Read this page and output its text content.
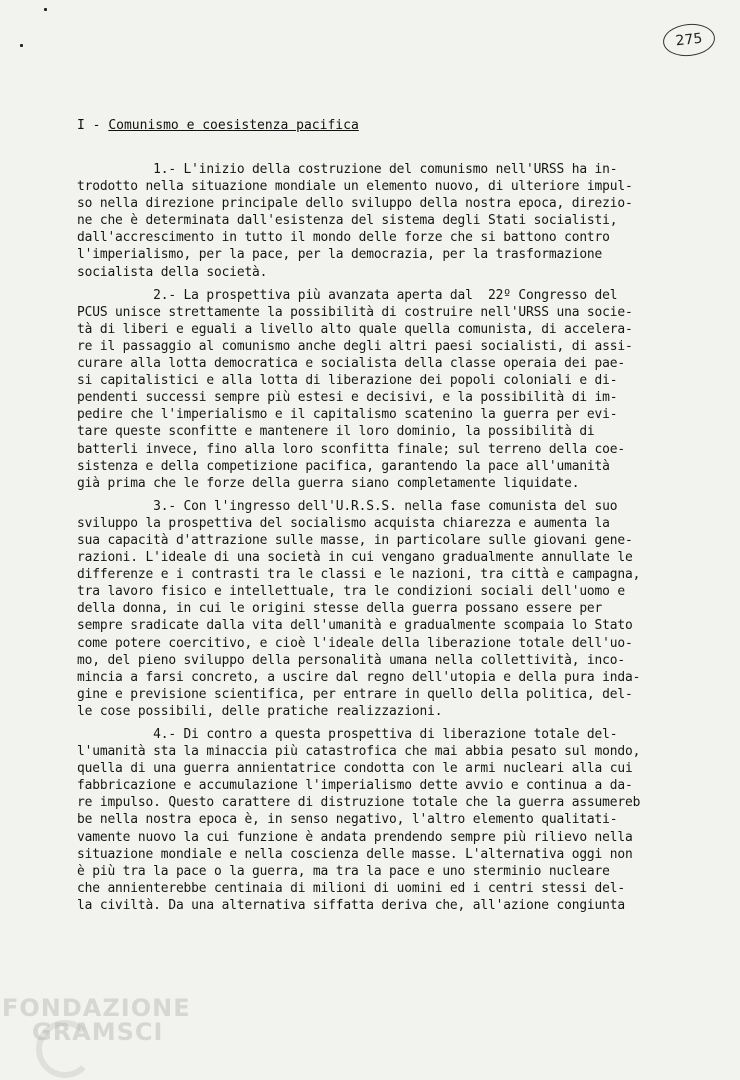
275
I - Comunismo e coesistenza pacifica
1.- L'inizio della costruzione del comunismo nell'URSS ha in-
trodotto nella situazione mondiale un elemento nuovo, di ulteriore impul-
so nella direzione principale dello sviluppo della nostra epoca, direzio-
ne che è determinata dall'esistenza del sistema degli Stati socialisti,
dall'accrescimento in tutto il mondo delle forze che si battono contro
l'imperialismo, per la pace, per la democrazia, per la trasformazione
socialista della società.
2.- La prospettiva più avanzata aperta dal  22º Congresso del
PCUS unisce strettamente la possibilità di costruire nell'URSS una socie-
tà di liberi e eguali a livello alto quale quella comunista, di accelera-
re il passaggio al comunismo anche degli altri paesi socialisti, di assi-
curare alla lotta democratica e socialista della classe operaia dei pae-
si capitalistici e alla lotta di liberazione dei popoli coloniali e di-
pendenti successi sempre più estesi e decisivi, e la possibilità di im-
pedire che l'imperialismo e il capitalismo scatenino la guerra per evi-
tare queste sconfitte e mantenere il loro dominio, la possibilità di
batterli invece, fino alla loro sconfitta finale; sul terreno della coe-
sistenza e della competizione pacifica, garantendo la pace all'umanità
già prima che le forze della guerra siano completamente liquidate.
3.- Con l'ingresso dell'U.R.S.S. nella fase comunista del suo
sviluppo la prospettiva del socialismo acquista chiarezza e aumenta la
sua capacità d'attrazione sulle masse, in particolare sulle giovani gene-
razioni. L'ideale di una società in cui vengano gradualmente annullate le
differenze e i contrasti tra le classi e le nazioni, tra città e campagna,
tra lavoro fisico e intellettuale, tra le condizioni sociali dell'uomo e
della donna, in cui le origini stesse della guerra possano essere per
sempre sradicate dalla vita dell'umanità e gradualmente scompaia lo Stato
come potere coercitivo, e cioè l'ideale della liberazione totale dell'uo-
mo, del pieno sviluppo della personalità umana nella collettività, inco-
mincia a farsi concreto, a uscire dal regno dell'utopia e della pura inda-
gine e previsione scientifica, per entrare in quello della politica, del-
le cose possibili, delle pratiche realizzazioni.
4.- Di contro a questa prospettiva di liberazione totale del-
l'umanità sta la minaccia più catastrofica che mai abbia pesato sul mondo,
quella di una guerra annientatrice condotta con le armi nucleari alla cui
fabbricazione e accumulazione l'imperialismo dette avvio e continua a da-
re impulso. Questo carattere di distruzione totale che la guerra assumereb
be nella nostra epoca è, in senso negativo, l'altro elemento qualitati-
vamente nuovo la cui funzione è andata prendendo sempre più rilievo nella
situazione mondiale e nella coscienza delle masse. L'alternativa oggi non
è più tra la pace o la guerra, ma tra la pace e uno sterminio nucleare
che annienterebbe centinaia di milioni di uomini ed i centri stessi del-
la civiltà. Da una alternativa siffatta deriva che, all'azione congiunta
FONDAZIONE
GRAMSCI
